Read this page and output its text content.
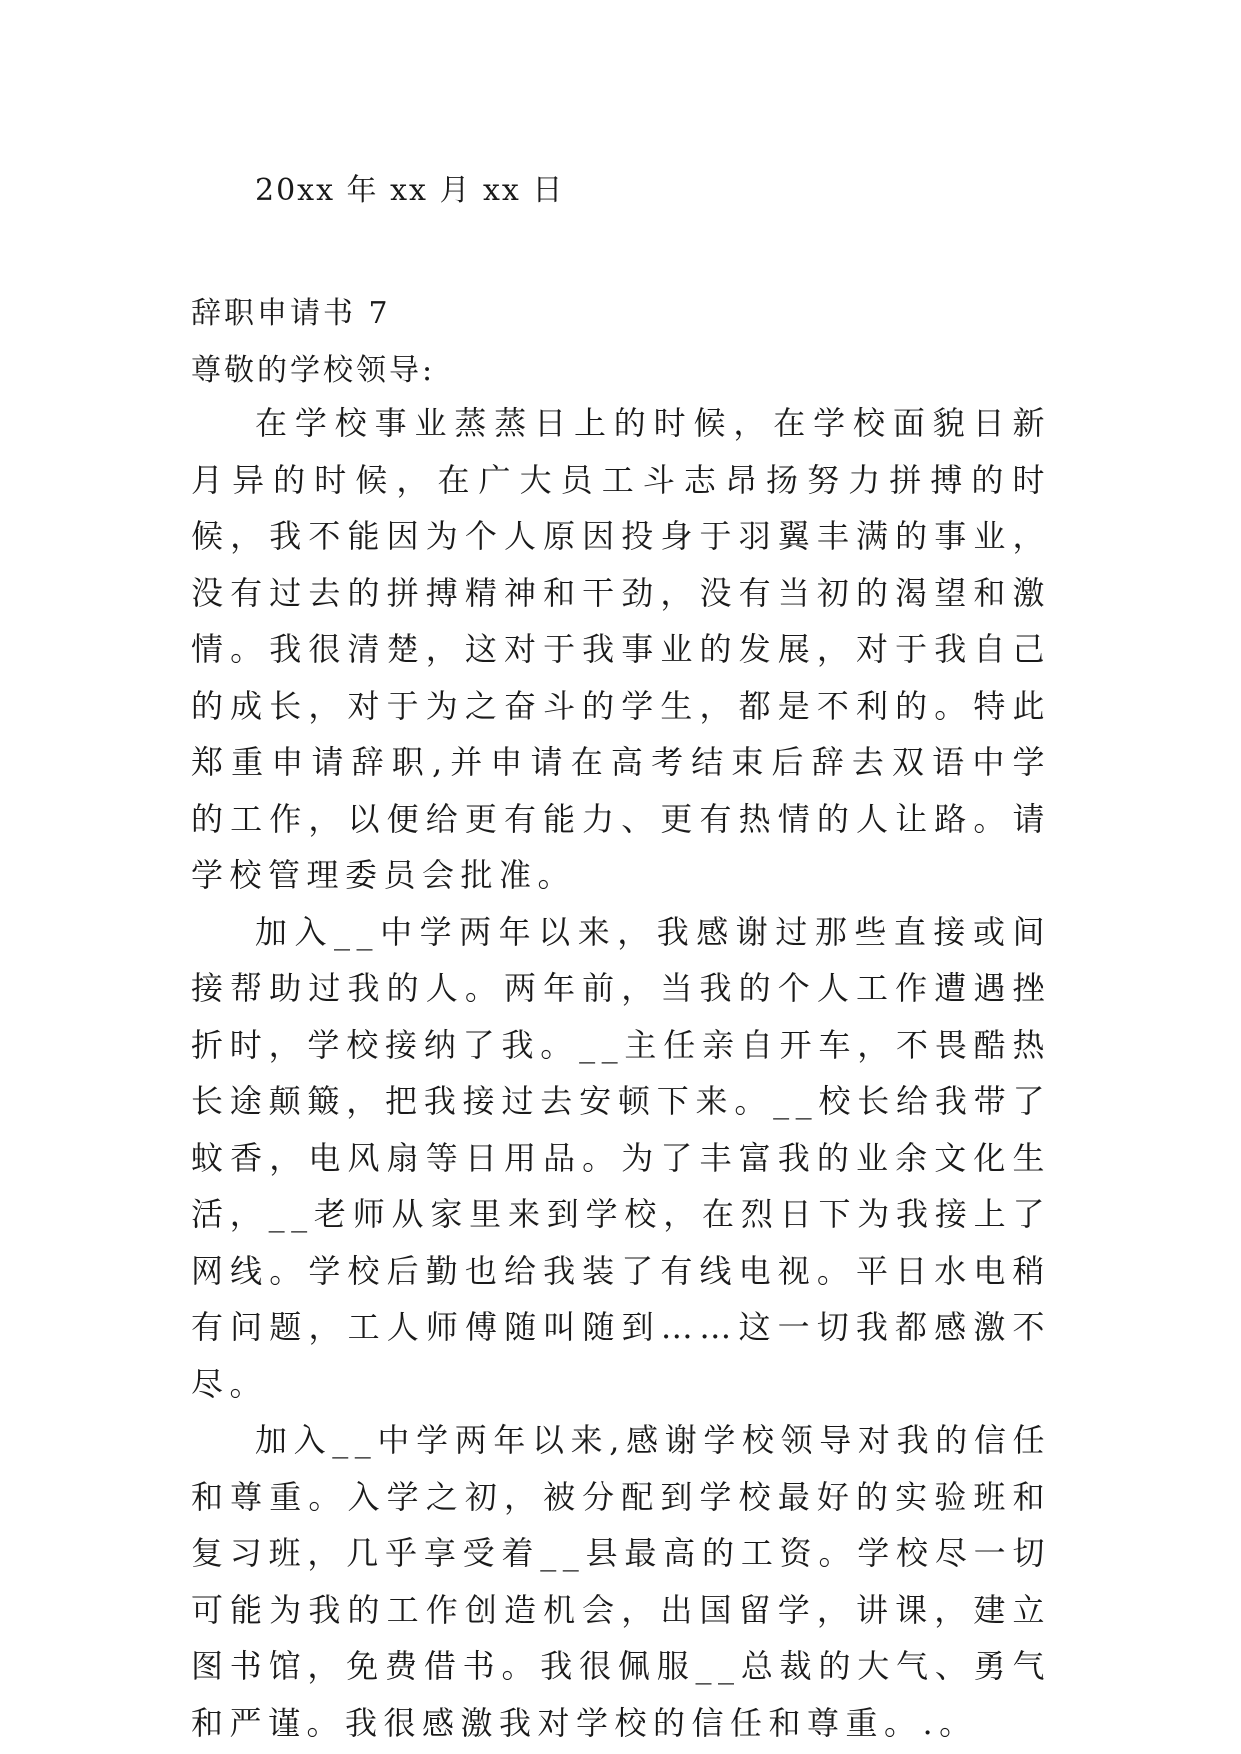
20xx 年 xx 月 xx 日
辞职申请书 7
尊敬的学校领导:

在学校事业蒸蒸日上的时候，在学校面貌日新月异的时候，在广大员工斗志昂扬努力拼搏的时候，我不能因为个人原因投身于羽翼丰满的事业，没有过去的拼搏精神和干劲，没有当初的渴望和激情。我很清楚，这对于我事业的发展，对于我自己的成长，对于为之奋斗的学生，都是不利的。特此郑重申请辞职,并申请在高考结束后辞去双语中学的工作，以便给更有能力、更有热情的人让路。请学校管理委员会批准。

加入__中学两年以来，我感谢过那些直接或间接帮助过我的人。两年前，当我的个人工作遭遇挫折时，学校接纳了我。__主任亲自开车，不畏酷热长途颠簸，把我接过去安顿下来。__校长给我带了蚊香，电风扇等日用品。为了丰富我的业余文化生活，__老师从家里来到学校，在烈日下为我接上了网线。学校后勤也给我装了有线电视。平日水电稍有问题，工人师傅随叫随到……这一切我都感激不尽。

加入__中学两年以来,感谢学校领导对我的信任和尊重。入学之初，被分配到学校最好的实验班和复习班，几乎享受着__县最高的工资。学校尽一切可能为我的工作创造机会，出国留学，讲课，建立图书馆，免费借书。我很佩服__总裁的大气、勇气和严谨。我很感激我对学校的信任和尊重。.。
